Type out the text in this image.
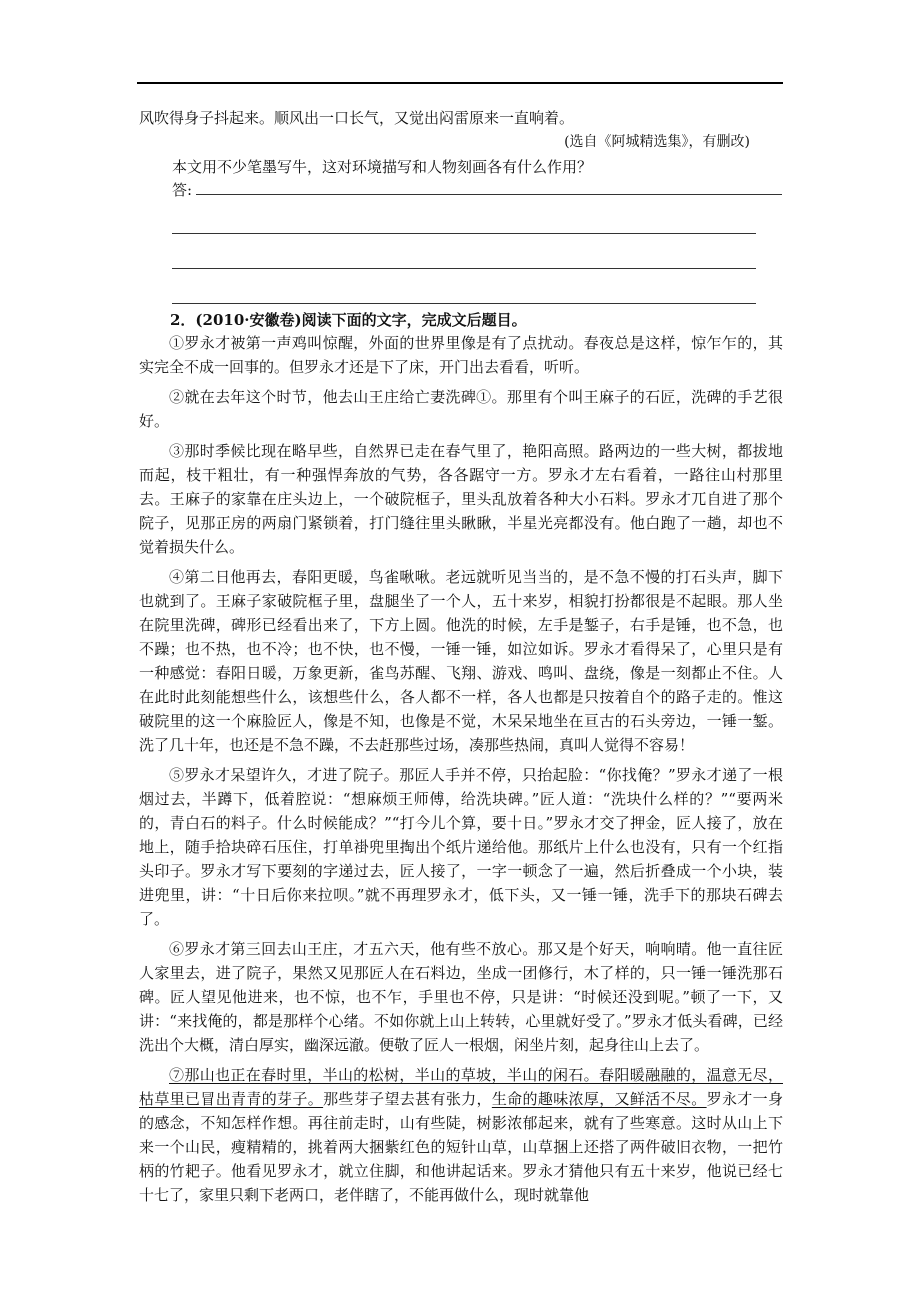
风吹得身子抖起来。顺风出一口长气，又觉出闷雷原来一直响着。
(选自《阿城精选集》，有删改)
本文用不少笔墨写牛，这对环境描写和人物刻画各有什么作用？
答:
2．(2010·安徽卷)阅读下面的文字，完成文后题目。

①罗永才被第一声鸡叫惊醒，外面的世界里像是有了点扰动。春夜总是这样，惊乍乍的，其实完全不成一回事的。但罗永才还是下了床，开门出去看看，听听。

②就在去年这个时节，他去山王庄给亡妻洗碑①。那里有个叫王麻子的石匠，洗碑的手艺很好。

③那时季候比现在略早些，自然界已走在春气里了，艳阳高照。路两边的一些大树，都拔地而起，枝干粗壮，有一种强悍奔放的气势，各各踞守一方。罗永才左右看着，一路往山村那里去。王麻子的家靠在庄头边上，一个破院框子，里头乱放着各种大小石料。罗永才兀自进了那个院子，见那正房的两扇门紧锁着，打门缝往里头瞅瞅，半星光亮都没有。他白跑了一趟，却也不觉着损失什么。

④第二日他再去，春阳更暖，鸟雀啾啾。老远就听见当当的，是不急不慢的打石头声，脚下也就到了。王麻子家破院框子里，盘腿坐了一个人，五十来岁，相貌打扮都很是不起眼。那人坐在院里洗碑，碑形已经看出来了，下方上圆。他洗的时候，左手是錾子，右手是锤，也不急，也不躁；也不热，也不冷；也不快，也不慢，一锤一锤，如泣如诉。罗永才看得呆了，心里只是有一种感觉：春阳日暖，万象更新，雀鸟苏醒、飞翔、游戏、鸣叫、盘绕，像是一刻都止不住。人在此时此刻能想些什么，该想些什么，各人都不一样，各人也都是只按着自个的路子走的。惟这破院里的这一个麻脸匠人，像是不知，也像是不觉，木呆呆地坐在亘古的石头旁边，一锤一錾。洗了几十年，也还是不急不躁，不去赶那些过场，凑那些热闹，真叫人觉得不容易！

⑤罗永才呆望许久，才进了院子。那匠人手并不停，只抬起脸：“你找俺？”罗永才递了一根烟过去，半蹲下，低着腔说：“想麻烦王师傅，给洗块碑。”匠人道：“洗块什么样的？”“要两米的，青白石的料子。什么时候能成？”“打今儿个算，要十日。”罗永才交了押金，匠人接了，放在地上，随手拾块碎石压住，打单褂兜里掏出个纸片递给他。那纸片上什么也没有，只有一个红指头印子。罗永才写下要刻的字递过去，匠人接了，一字一顿念了一遍，然后折叠成一个小块，装进兜里，讲：“十日后你来拉呗。”就不再理罗永才，低下头，又一锤一锤，洗手下的那块石碑去了。

⑥罗永才第三回去山王庄，才五六天，他有些不放心。那又是个好天，响响晴。他一直往匠人家里去，进了院子，果然又见那匠人在石料边，坐成一团修行，木了样的，只一锤一锤洗那石碑。匠人望见他进来，也不惊，也不乍，手里也不停，只是讲：“时候还没到呢。”顿了一下，又讲：“来找俺的，都是那样个心绪。不如你就上山上转转，心里就好受了。”罗永才低头看碑，已经洗出个大概，清白厚实，幽深远澈。便敬了匠人一根烟，闲坐片刻，起身往山上去了。

⑦那山也正在春时里，半山的松树，半山的草坡，半山的闲石。春阳暖融融的，温意无尽，枯草里已冒出青青的芽子。那些芽子望去甚有张力，生命的趣味浓厚，又鲜活不尽。罗永才一身的感念，不知怎样作想。再往前走时，山有些陡，树影浓郁起来，就有了些寒意。这时从山上下来一个山民，瘦精精的，挑着两大捆紫红色的短针山草，山草捆上还搭了两件破旧衣物，一把竹柄的竹耙子。他看见罗永才，就立住脚，和他讲起话来。罗永才猜他只有五十来岁，他说已经七十七了，家里只剩下老两口，老伴瞎了，不能再做什么，现时就靠他
